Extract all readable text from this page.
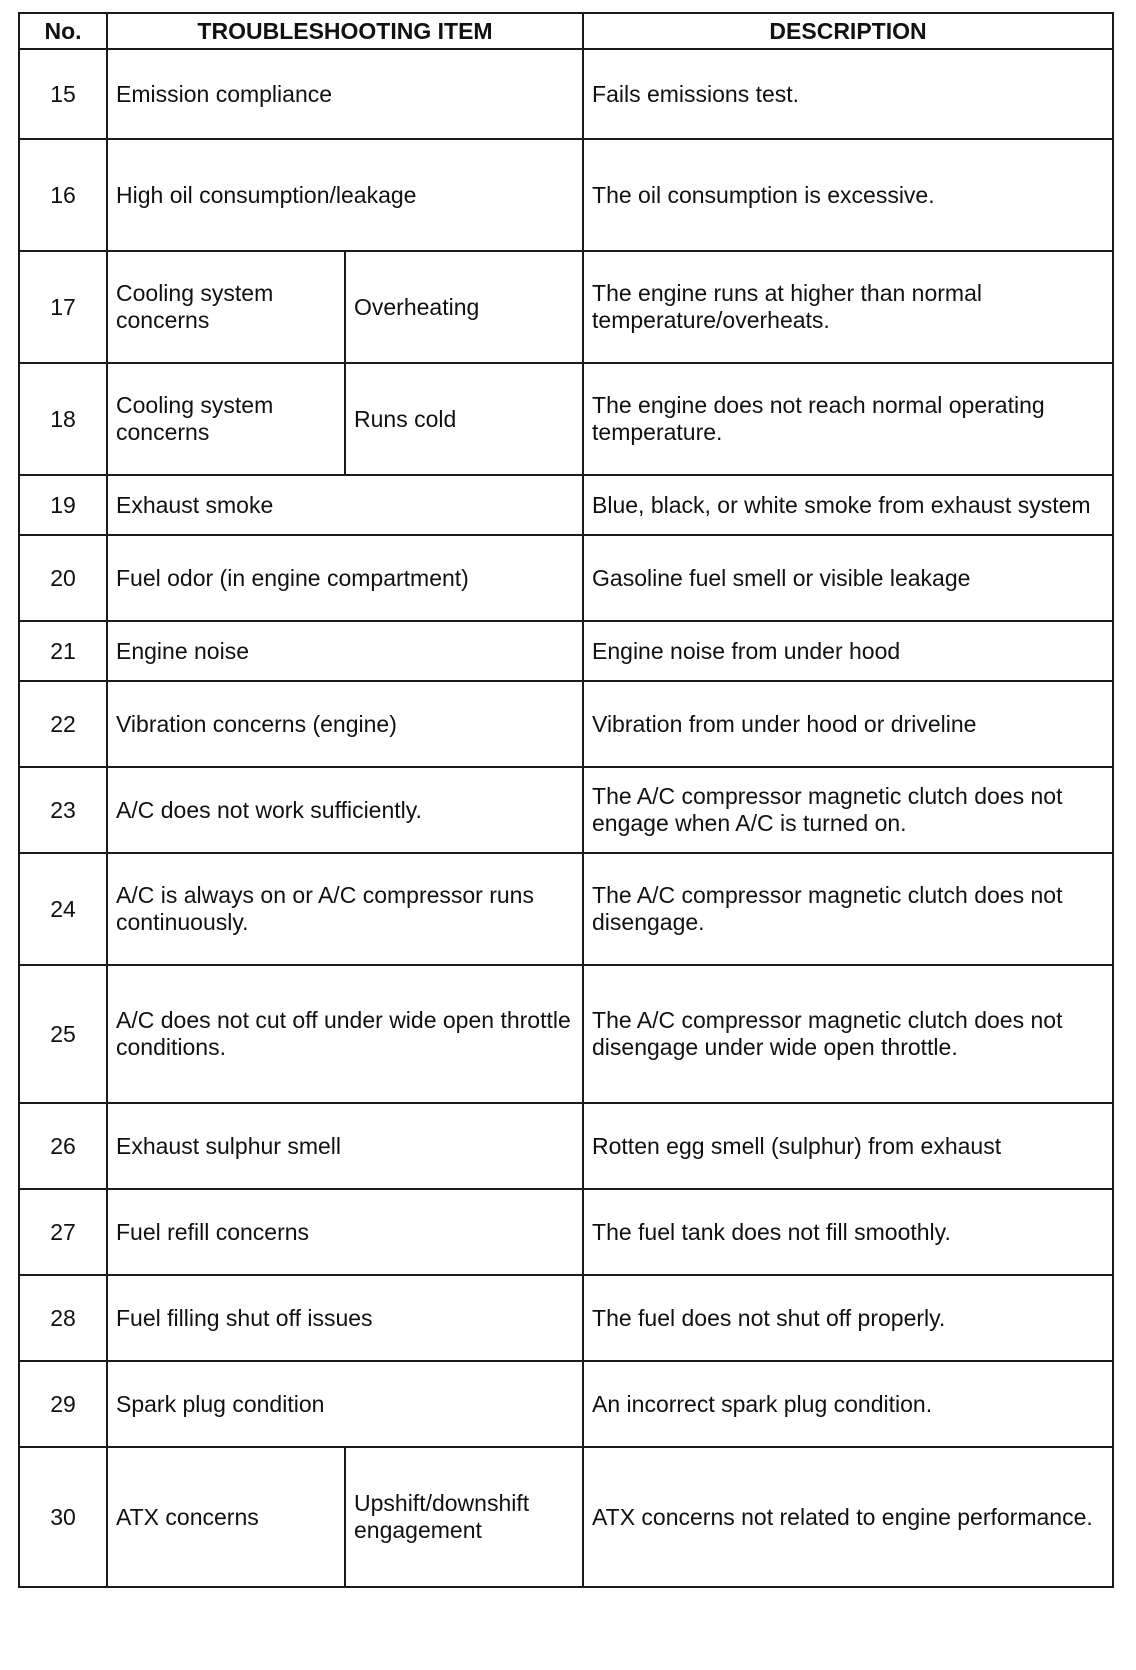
No.	TROUBLESHOOTING ITEM		DESCRIPTION
15	Emission compliance		Fails emissions test.
16	High oil consumption/leakage		The oil consumption is excessive.
17	Cooling system concerns	Overheating	The engine runs at higher than normal temperature/overheats.
18	Cooling system concerns	Runs cold	The engine does not reach normal operating temperature.
19	Exhaust smoke		Blue, black, or white smoke from exhaust system
20	Fuel odor (in engine compartment)		Gasoline fuel smell or visible leakage
21	Engine noise		Engine noise from under hood
22	Vibration concerns (engine)		Vibration from under hood or driveline
23	A/C does not work sufficiently.		The A/C compressor magnetic clutch does not engage when A/C is turned on.
24	A/C is always on or A/C compressor runs continuously.		The A/C compressor magnetic clutch does not disengage.
25	A/C does not cut off under wide open throttle conditions.		The A/C compressor magnetic clutch does not disengage under wide open throttle.
26	Exhaust sulphur smell		Rotten egg smell (sulphur) from exhaust
27	Fuel refill concerns		The fuel tank does not fill smoothly.
28	Fuel filling shut off issues		The fuel does not shut off properly.
29	Spark plug condition		An incorrect spark plug condition.
30	ATX concerns	Upshift/downshift engagement	ATX concerns not related to engine performance.
